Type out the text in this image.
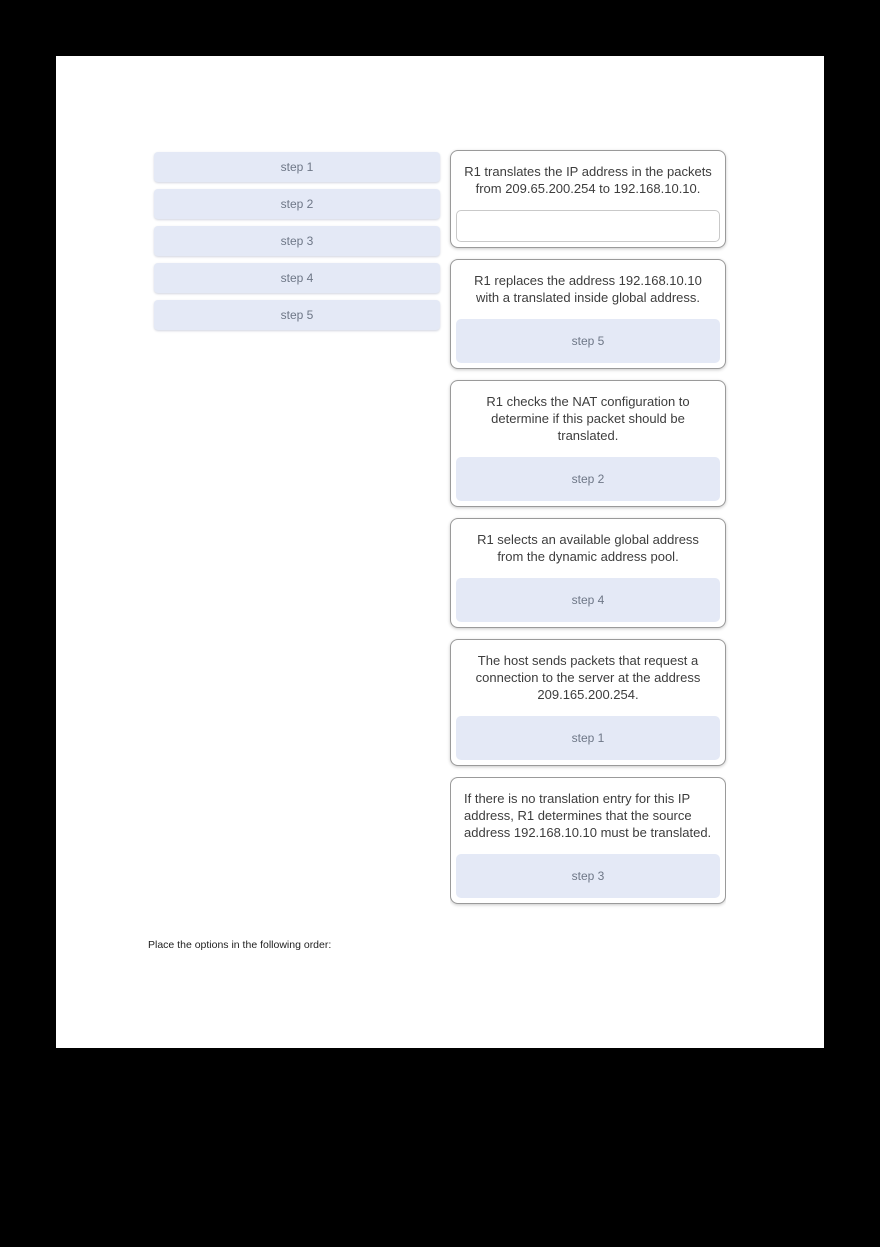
step 1
step 2
step 3
step 4
step 5
R1 translates the IP address in the packets from 209.65.200.254 to 192.168.10.10.
R1 replaces the address 192.168.10.10 with a translated inside global address.
step 5
R1 checks the NAT configuration to determine if this packet should be translated.
step 2
R1 selects an available global address from the dynamic address pool.
step 4
The host sends packets that request a connection to the server at the address 209.165.200.254.
step 1
If there is no translation entry for this IP address, R1 determines that the source address 192.168.10.10 must be translated.
step 3
Place the options in the following order:
